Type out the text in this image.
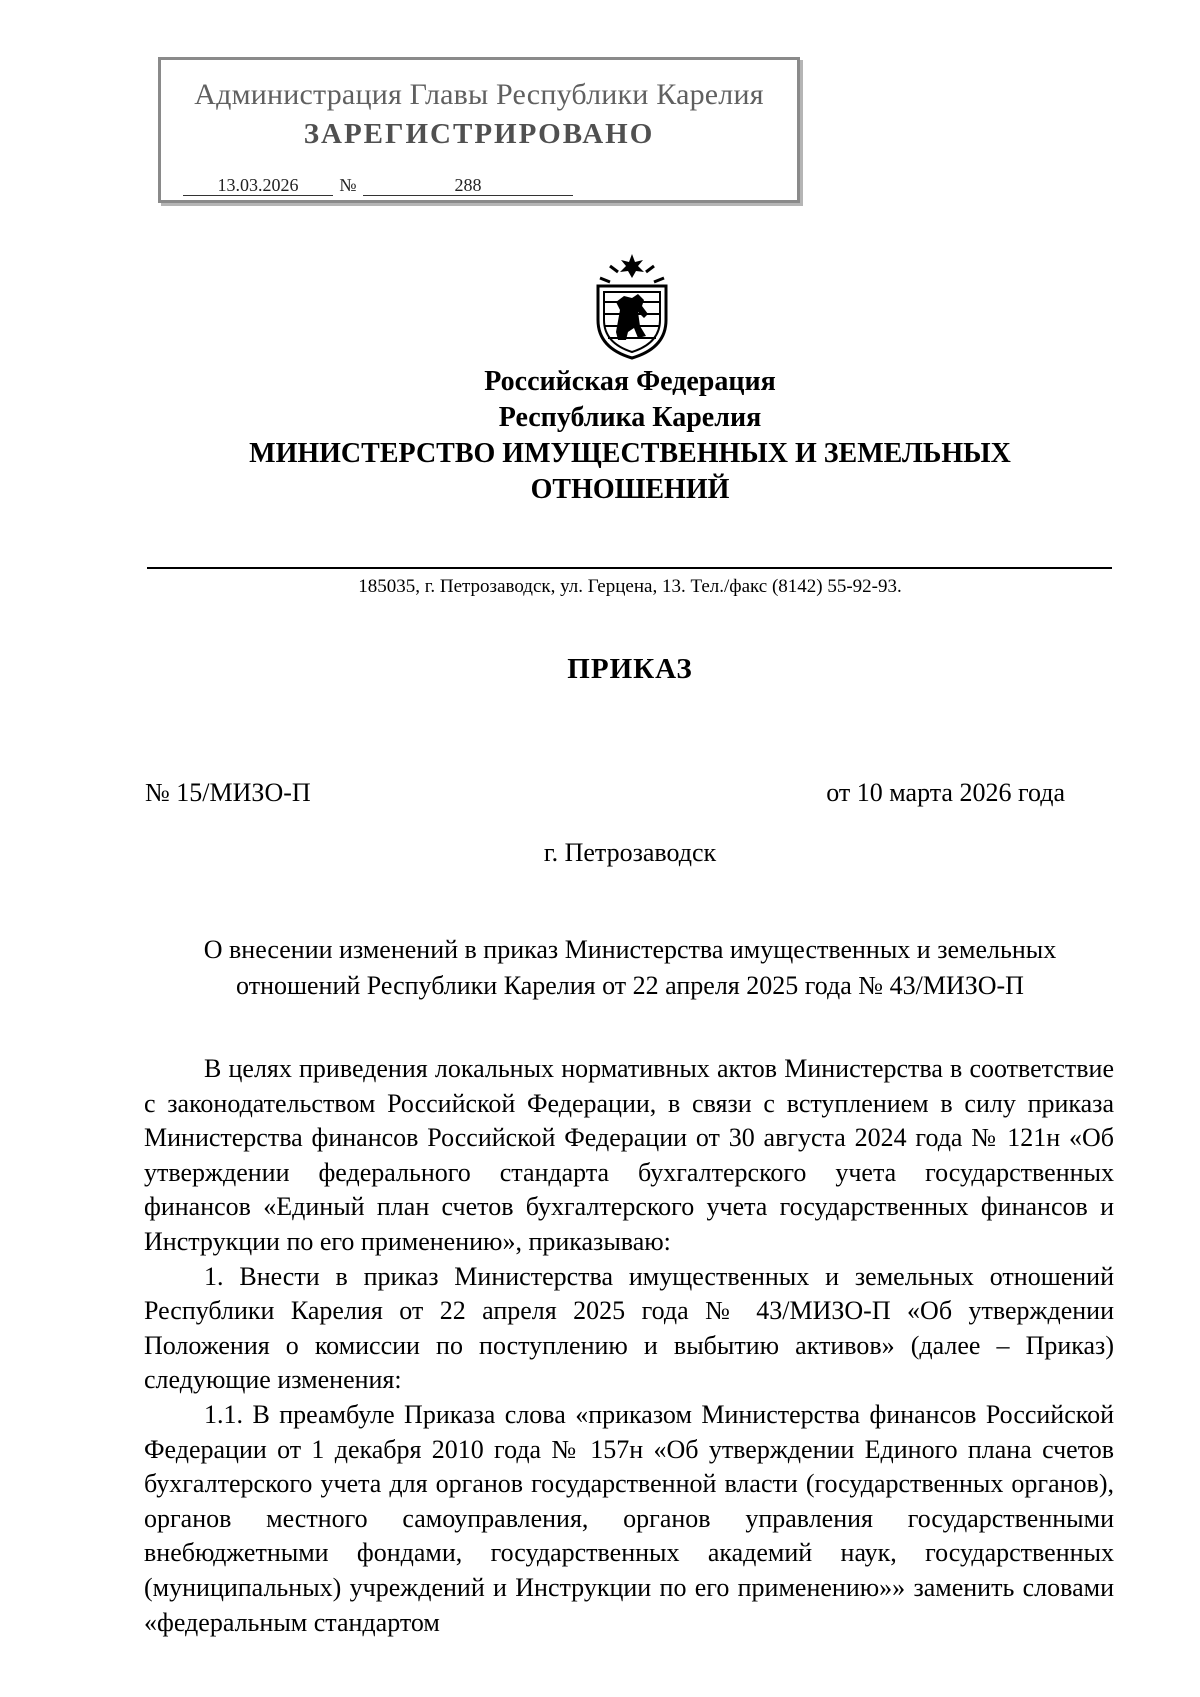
Администрация Главы Республики Карелия
ЗАРЕГИСТРИРОВАНО
13.03.2026	№	288
Российская Федерация
Республика Карелия
МИНИСТЕРСТВО ИМУЩЕСТВЕННЫХ И ЗЕМЕЛЬНЫХ
ОТНОШЕНИЙ
185035, г. Петрозаводск, ул. Герцена, 13. Тел./факс (8142) 55-92-93.
ПРИКАЗ
№ 15/МИЗО-П	от 10 марта 2026 года
г. Петрозаводск
О внесении изменений в приказ Министерства имущественных и земельных
отношений Республики Карелия от 22 апреля 2025 года № 43/МИЗО-П

В целях приведения локальных нормативных актов Министерства в соответствие с законодательством Российской Федерации, в связи с вступлением в силу приказа Министерства финансов Российской Федерации от 30 августа 2024 года № 121н «Об утверждении федерального стандарта бухгалтерского учета государственных финансов «Единый план счетов бухгалтерского учета государственных финансов и Инструкции по его применению», приказываю:

1. Внести в приказ Министерства имущественных и земельных отношений Республики Карелия от 22 апреля 2025 года № 43/МИЗО-П «Об утверждении Положения о комиссии по поступлению и выбытию активов» (далее – Приказ) следующие изменения:

1.1. В преамбуле Приказа слова «приказом Министерства финансов Российской Федерации от 1 декабря 2010 года № 157н «Об утверждении Единого плана счетов бухгалтерского учета для органов государственной власти (государственных органов), органов местного самоуправления, органов управления государственными внебюджетными фондами, государственных академий наук, государственных (муниципальных) учреждений и Инструкции по его применению»» заменить словами «федеральным стандартом
